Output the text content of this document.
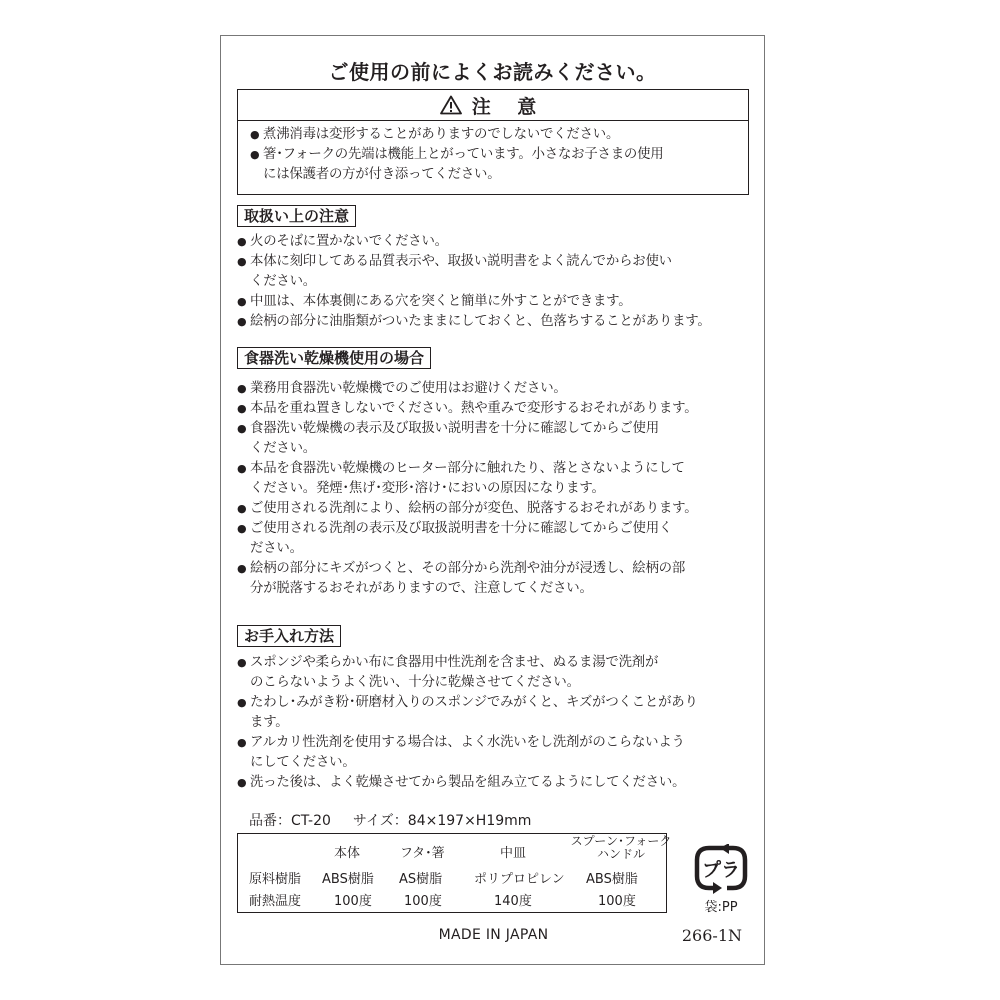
ご使用の前によくお読みください。
注 意
● 煮沸消毒は変形することがありますのでしないでください。
● 箸･フォークの先端は機能上とがっています。小さなお子さまの使用
には保護者の方が付き添ってください。
取扱い上の注意
● 火のそばに置かないでください。
● 本体に刻印してある品質表示や、取扱い説明書をよく読んでからお使い
ください。
● 中皿は、本体裏側にある穴を突くと簡単に外すことができます。
● 絵柄の部分に油脂類がついたままにしておくと、色落ちすることがあります。
食器洗い乾燥機使用の場合
● 業務用食器洗い乾燥機でのご使用はお避けください。
● 本品を重ね置きしないでください。熱や重みで変形するおそれがあります。
● 食器洗い乾燥機の表示及び取扱い説明書を十分に確認してからご使用
ください。
● 本品を食器洗い乾燥機のヒーター部分に触れたり、落とさないようにして
ください。発煙･焦げ･変形･溶け･においの原因になります。
● ご使用される洗剤により、絵柄の部分が変色、脱落するおそれがあります。
● ご使用される洗剤の表示及び取扱説明書を十分に確認してからご使用く
ださい。
● 絵柄の部分にキズがつくと、その部分から洗剤や油分が浸透し、絵柄の部
分が脱落するおそれがありますので、注意してください。
お手入れ方法
● スポンジや柔らかい布に食器用中性洗剤を含ませ、ぬるま湯で洗剤が
のこらないようよく洗い、十分に乾燥させてください。
● たわし･みがき粉･研磨材入りのスポンジでみがくと、キズがつくことがあり
ます。
● アルカリ性洗剤を使用する場合は、よく水洗いをし洗剤がのこらないよう
にしてください。
● 洗った後は、よく乾燥させてから製品を組み立てるようにしてください。
品番：CT-20 サイズ：84×197×H19mm
本体	フタ･箸	中皿
スプーン･フォーク
ハンドル
原料樹脂 ABS樹脂 AS樹脂 ポリプロピレン ABS樹脂
耐熱温度	100度 100度	140度	100度
プラ
袋:PP
MADE IN JAPAN	266-1N
